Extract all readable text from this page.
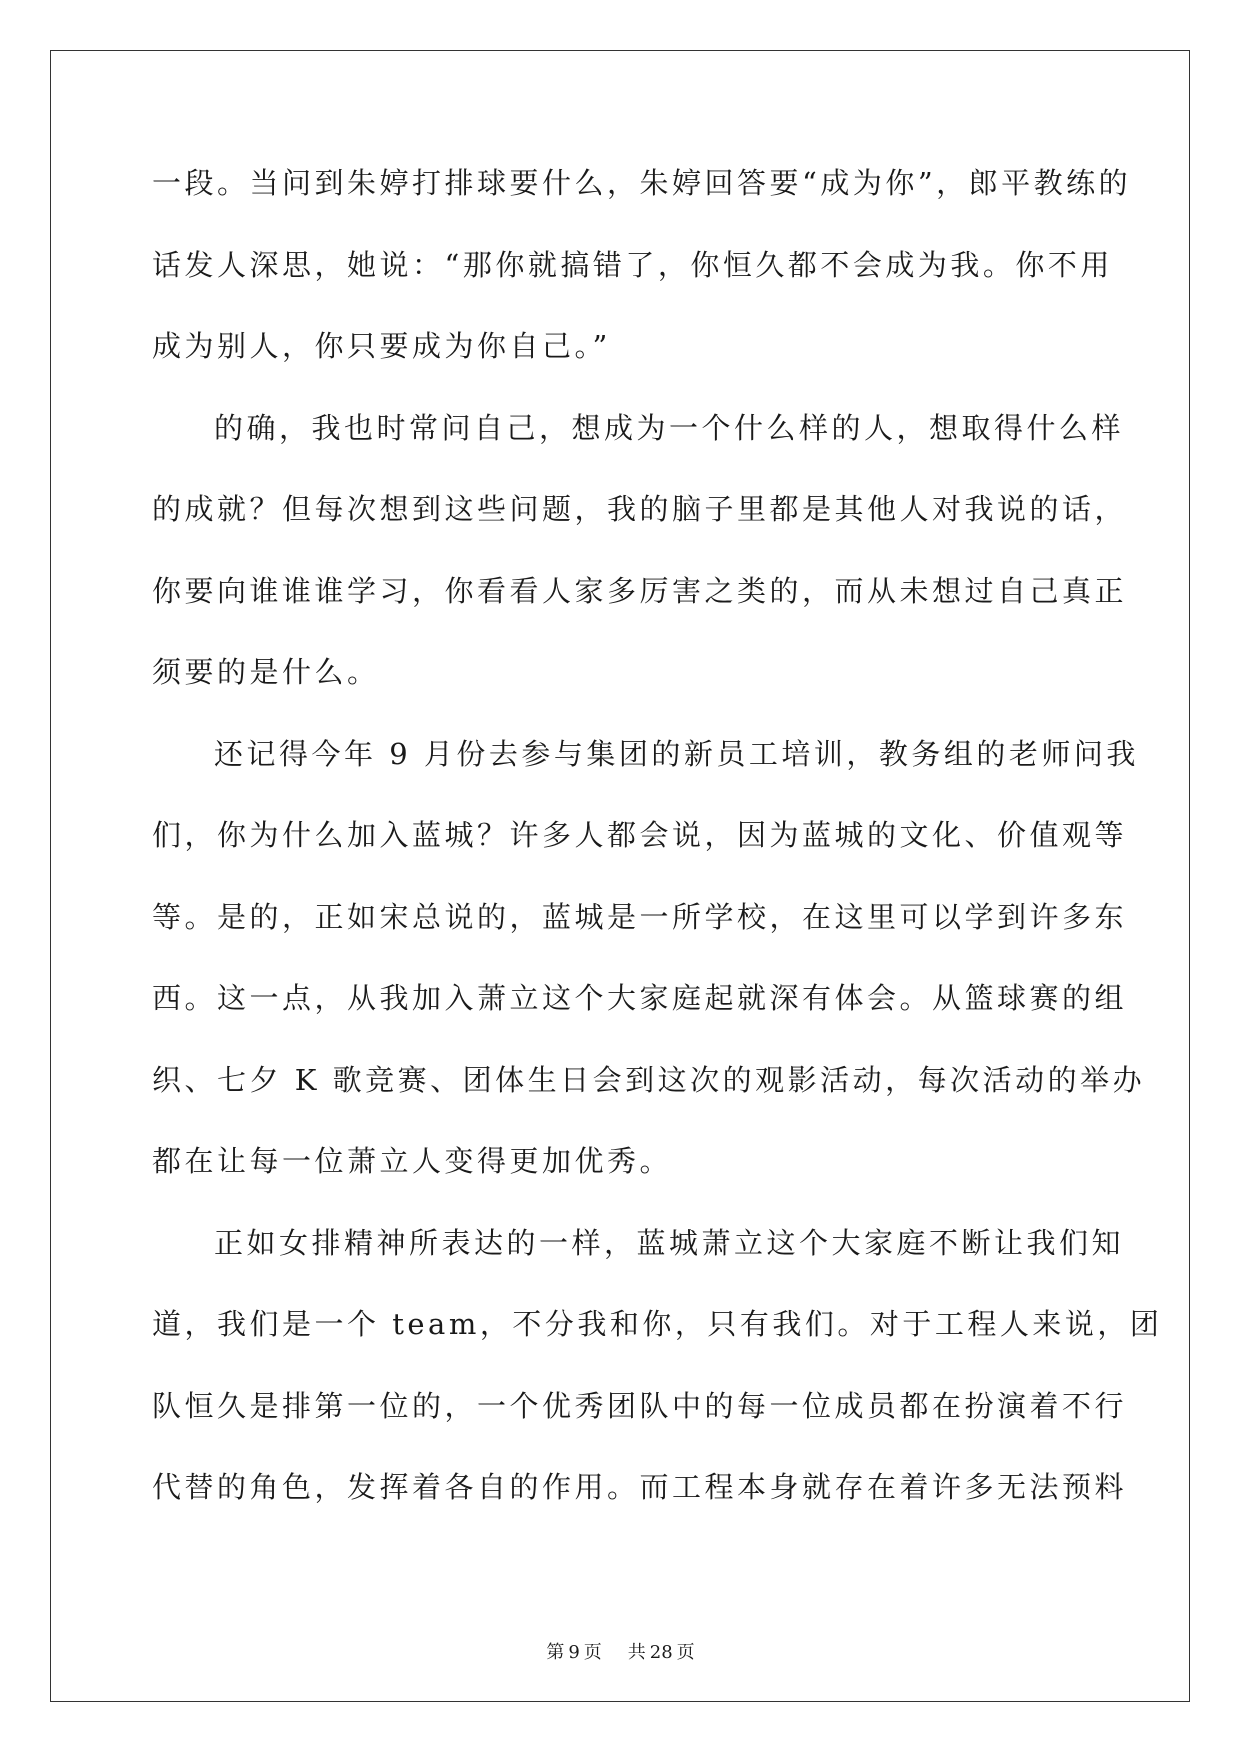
一段。当问到朱婷打排球要什么，朱婷回答要“成为你”，郎平教练的
话发人深思，她说：“那你就搞错了，你恒久都不会成为我。你不用
成为别人，你只要成为你自己。”
的确，我也时常问自己，想成为一个什么样的人，想取得什么样
的成就？但每次想到这些问题，我的脑子里都是其他人对我说的话，
你要向谁谁谁学习，你看看人家多厉害之类的，而从未想过自己真正
须要的是什么。
还记得今年 9 月份去参与集团的新员工培训，教务组的老师问我
们，你为什么加入蓝城？许多人都会说，因为蓝城的文化、价值观等
等。是的，正如宋总说的，蓝城是一所学校，在这里可以学到许多东
西。这一点，从我加入萧立这个大家庭起就深有体会。从篮球赛的组
织、七夕 K 歌竞赛、团体生日会到这次的观影活动，每次活动的举办
都在让每一位萧立人变得更加优秀。
正如女排精神所表达的一样，蓝城萧立这个大家庭不断让我们知
道，我们是一个 team，不分我和你，只有我们。对于工程人来说，团
队恒久是排第一位的，一个优秀团队中的每一位成员都在扮演着不行
代替的角色，发挥着各自的作用。而工程本身就存在着许多无法预料
第 9 页 共 28 页
